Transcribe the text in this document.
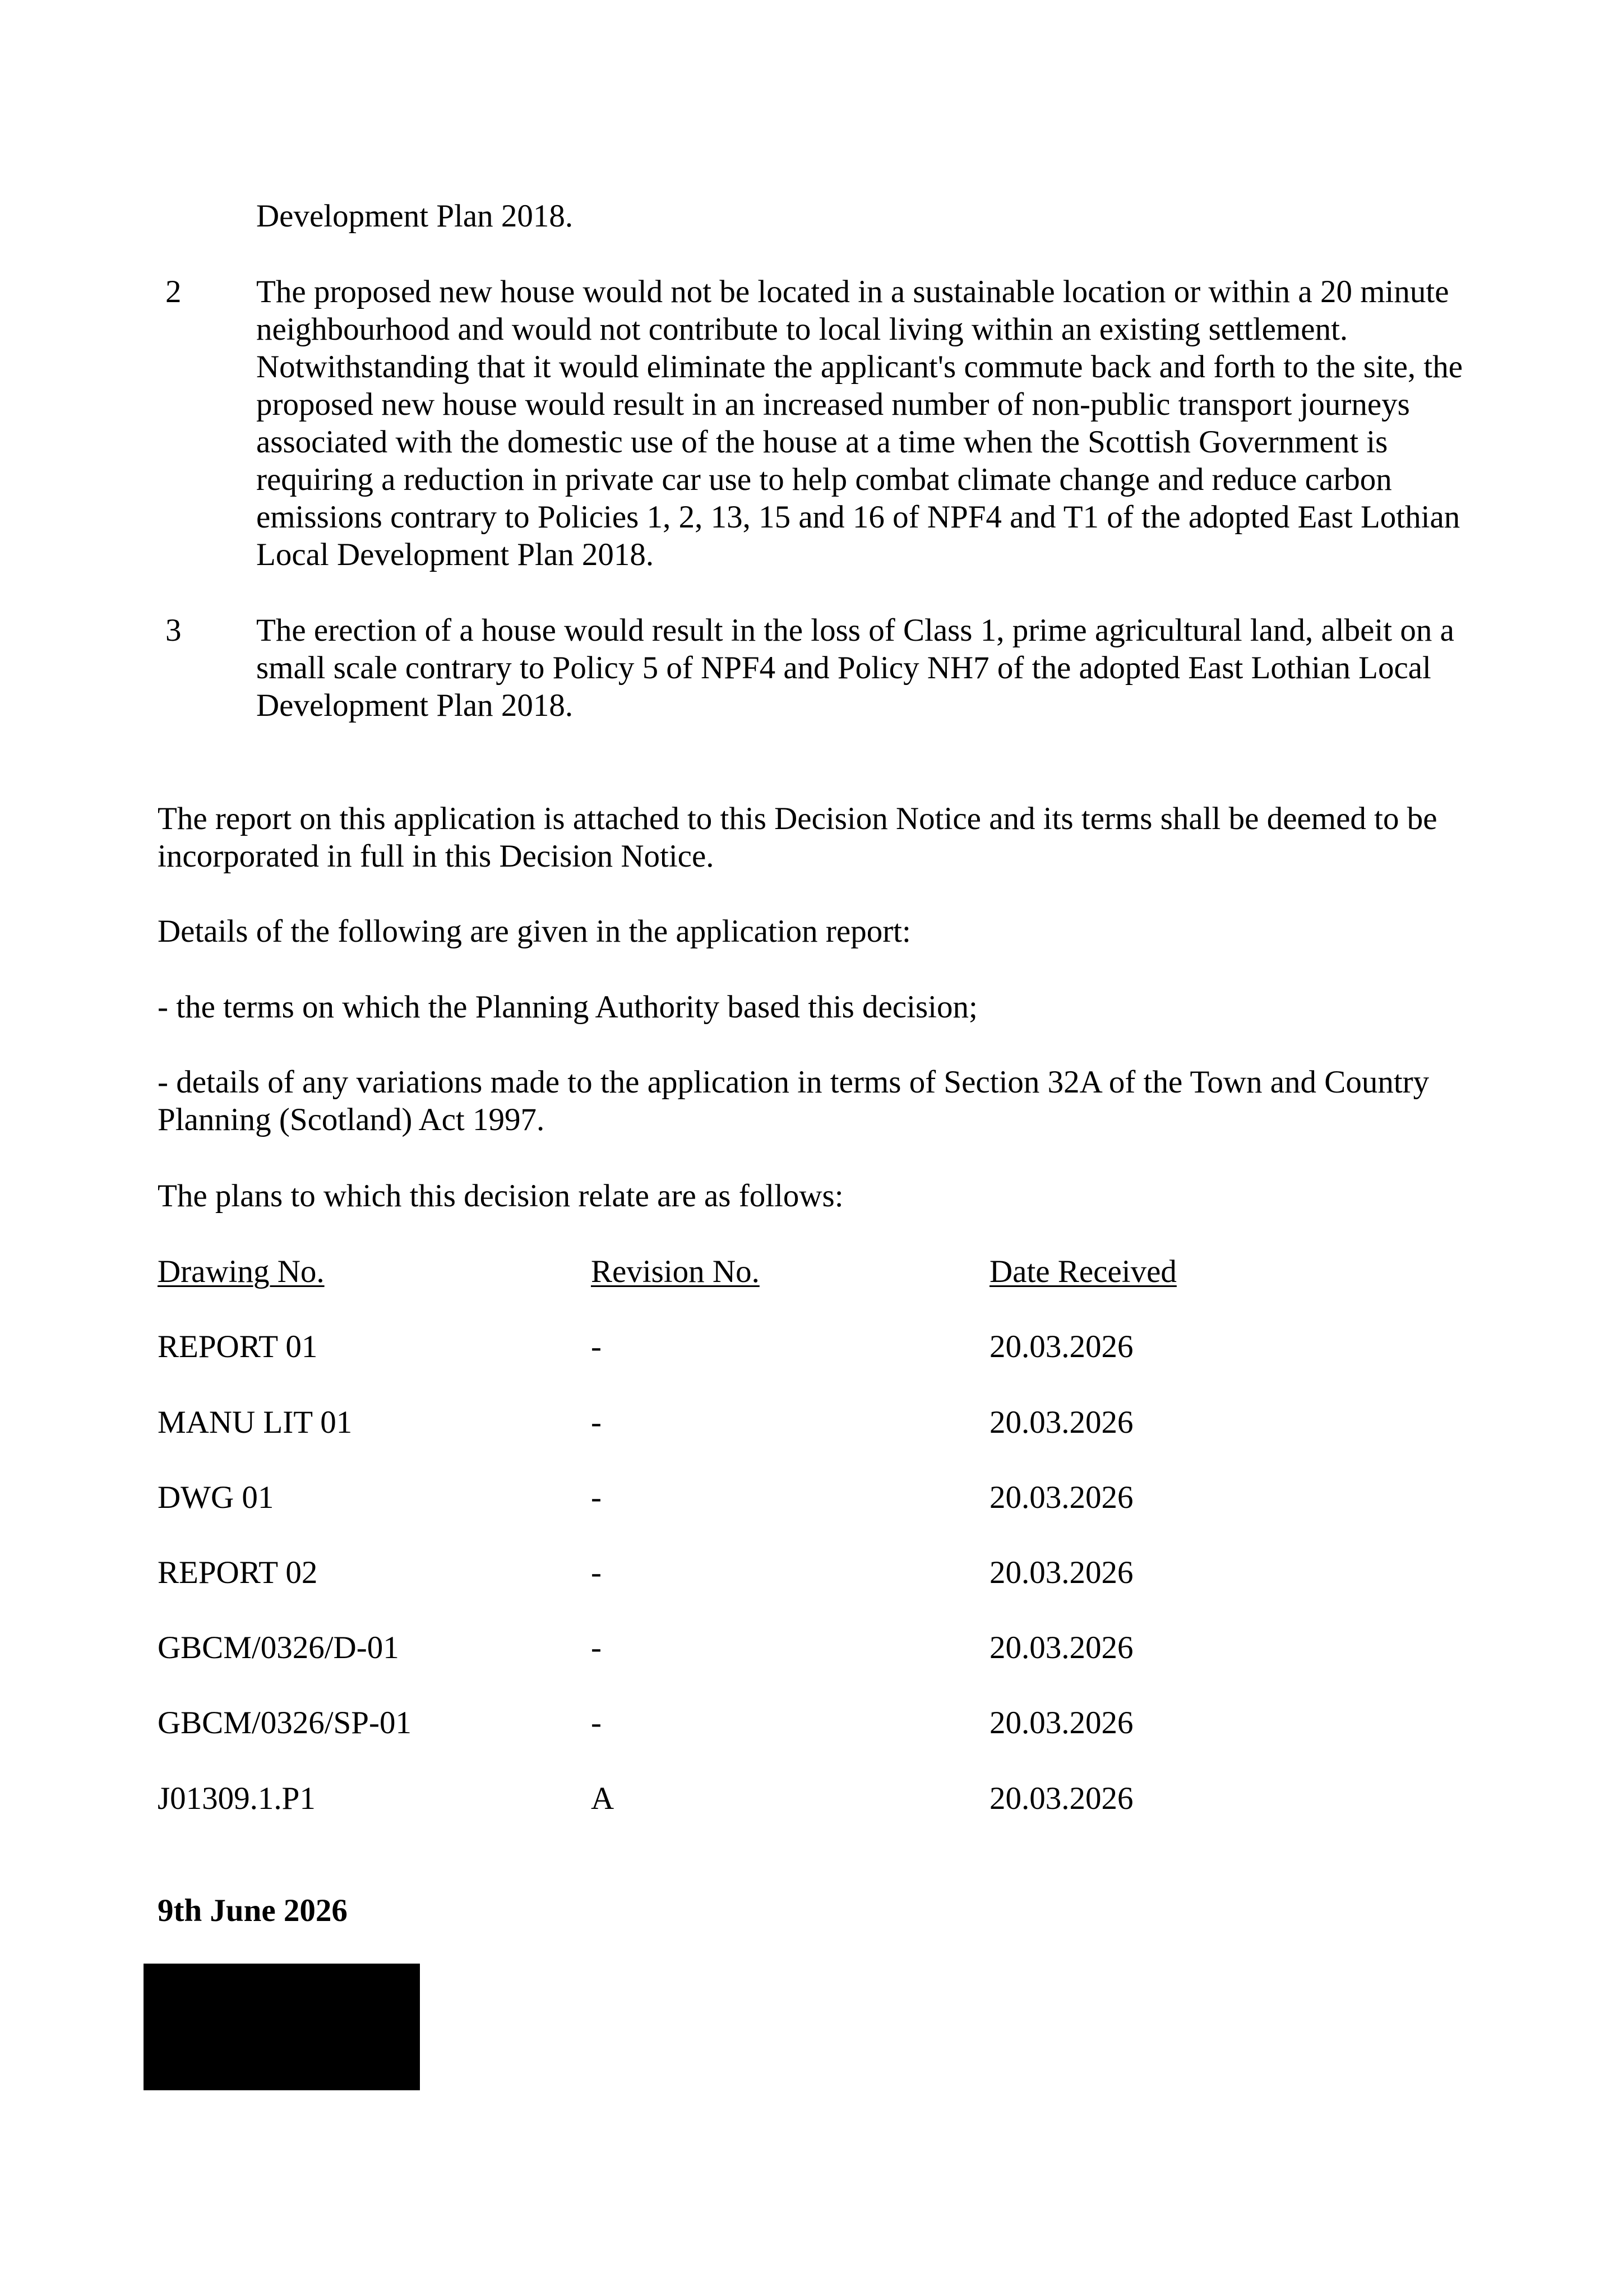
Development Plan 2018.
2 The proposed new house would not be located in a sustainable location or within a 20 minute neighbourhood and would not contribute to local living within an existing settlement. Notwithstanding that it would eliminate the applicant's commute back and forth to the site, the proposed new house would result in an increased number of non-public transport journeys associated with the domestic use of the house at a time when the Scottish Government is requiring a reduction in private car use to help combat climate change and reduce carbon emissions contrary to Policies 1, 2, 13, 15 and 16 of NPF4 and T1 of the adopted East Lothian Local Development Plan 2018.
3 The erection of a house would result in the loss of Class 1, prime agricultural land, albeit on a small scale contrary to Policy 5 of NPF4 and Policy NH7 of the adopted East Lothian Local Development Plan 2018.
The report on this application is attached to this Decision Notice and its terms shall be deemed to be incorporated in full in this Decision Notice.
Details of the following are given in the application report:
- the terms on which the Planning Authority based this decision;
- details of any variations made to the application in terms of Section 32A of the Town and Country Planning (Scotland) Act 1997.
The plans to which this decision relate are as follows:
Drawing No.	Revision No.	Date Received
REPORT 01	-	20.03.2026
MANU LIT 01	-	20.03.2026
DWG 01	-	20.03.2026
REPORT 02	-	20.03.2026
GBCM/0326/D-01	-	20.03.2026
GBCM/0326/SP-01	-	20.03.2026
J01309.1.P1	A	20.03.2026
9th June 2026
